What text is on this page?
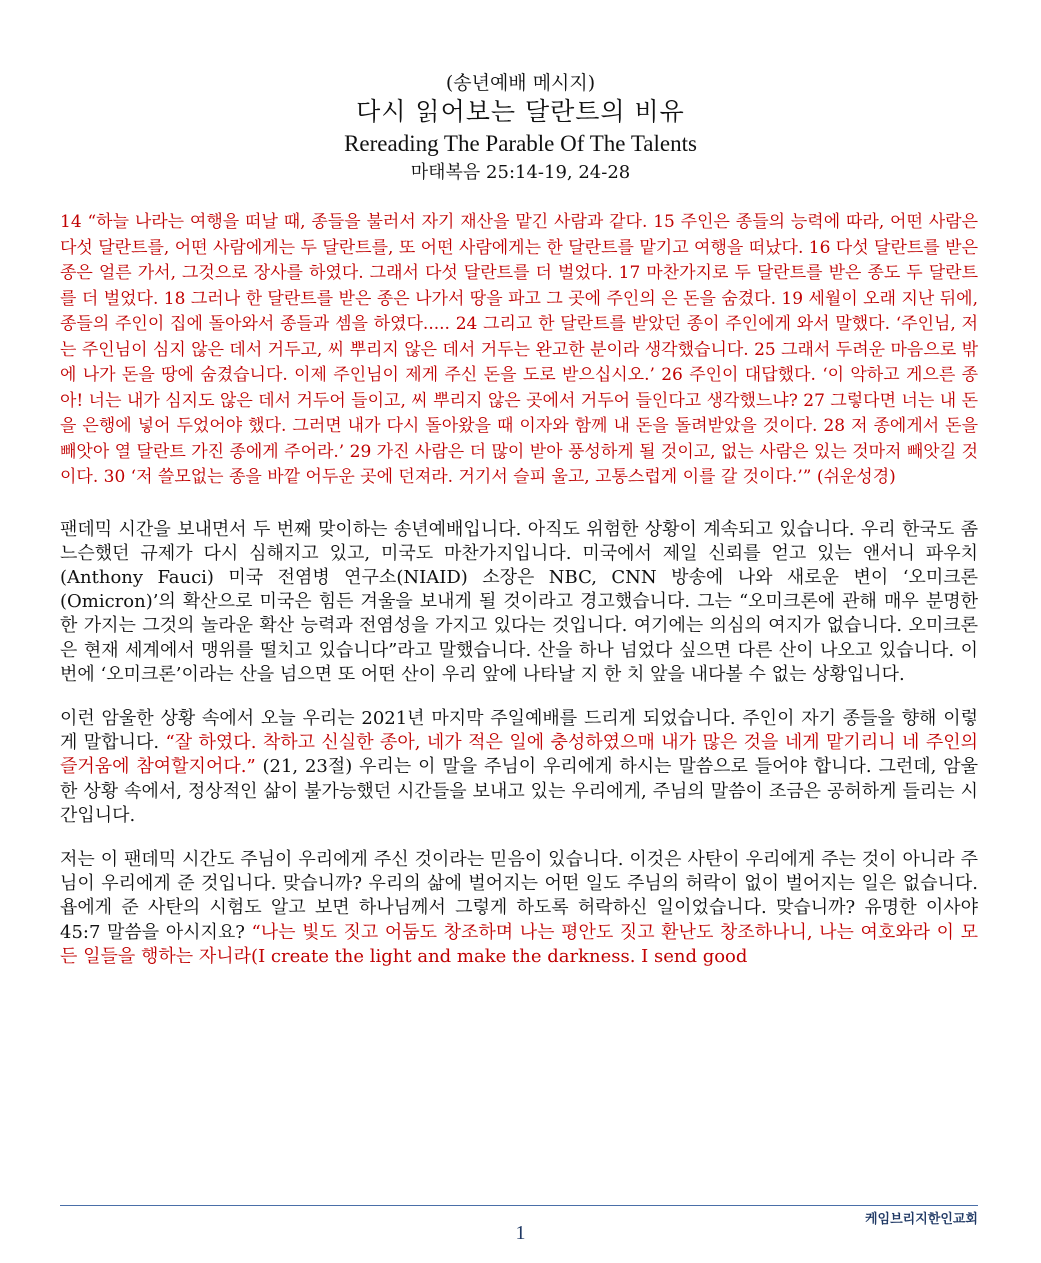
(송년예배 메시지)
다시 읽어보는 달란트의 비유
Rereading The Parable Of The Talents
마태복음 25:14-19, 24-28

14 “하늘 나라는 여행을 떠날 때, 종들을 불러서 자기 재산을 맡긴 사람과 같다. 15 주인은 종들의 능력에 따라, 어떤 사람은 다섯 달란트를, 어떤 사람에게는 두 달란트를, 또 어떤 사람에게는 한 달란트를 맡기고 여행을 떠났다. 16 다섯 달란트를 받은 종은 얼른 가서, 그것으로 장사를 하였다. 그래서 다섯 달란트를 더 벌었다. 17 마찬가지로 두 달란트를 받은 종도 두 달란트를 더 벌었다. 18 그러나 한 달란트를 받은 종은 나가서 땅을 파고 그 곳에 주인의 은 돈을 숨겼다. 19 세월이 오래 지난 뒤에, 종들의 주인이 집에 돌아와서 종들과 셈을 하였다..... 24 그리고 한 달란트를 받았던 종이 주인에게 와서 말했다. ‘주인님, 저는 주인님이 심지 않은 데서 거두고, 씨 뿌리지 않은 데서 거두는 완고한 분이라 생각했습니다. 25 그래서 두려운 마음으로 밖에 나가 돈을 땅에 숨겼습니다. 이제 주인님이 제게 주신 돈을 도로 받으십시오.’ 26 주인이 대답했다. ‘이 악하고 게으른 종아! 너는 내가 심지도 않은 데서 거두어 들이고, 씨 뿌리지 않은 곳에서 거두어 들인다고 생각했느냐? 27 그렇다면 너는 내 돈을 은행에 넣어 두었어야 했다. 그러면 내가 다시 돌아왔을 때 이자와 함께 내 돈을 돌려받았을 것이다. 28 저 종에게서 돈을 빼앗아 열 달란트 가진 종에게 주어라.’ 29 가진 사람은 더 많이 받아 풍성하게 될 것이고, 없는 사람은 있는 것마저 빼앗길 것이다. 30 ‘저 쓸모없는 종을 바깥 어두운 곳에 던져라. 거기서 슬피 울고, 고통스럽게 이를 갈 것이다.’” (쉬운성경)

팬데믹 시간을 보내면서 두 번째 맞이하는 송년예배입니다. 아직도 위험한 상황이 계속되고 있습니다. 우리 한국도 좀 느슨했던 규제가 다시 심해지고 있고, 미국도 마찬가지입니다. 미국에서 제일 신뢰를 얻고 있는 앤서니 파우치(Anthony Fauci) 미국 전염병 연구소(NIAID) 소장은 NBC, CNN 방송에 나와 새로운 변이 ‘오미크론(Omicron)’의 확산으로 미국은 힘든 겨울을 보내게 될 것이라고 경고했습니다. 그는 “오미크론에 관해 매우 분명한 한 가지는 그것의 놀라운 확산 능력과 전염성을 가지고 있다는 것입니다. 여기에는 의심의 여지가 없습니다. 오미크론은 현재 세계에서 맹위를 떨치고 있습니다”라고 말했습니다. 산을 하나 넘었다 싶으면 다른 산이 나오고 있습니다. 이번에 ‘오미크론’이라는 산을 넘으면 또 어떤 산이 우리 앞에 나타날 지 한 치 앞을 내다볼 수 없는 상황입니다.

이런 암울한 상황 속에서 오늘 우리는 2021년 마지막 주일예배를 드리게 되었습니다. 주인이 자기 종들을 향해 이렇게 말합니다. “잘 하였다. 착하고 신실한 종아, 네가 적은 일에 충성하였으매 내가 많은 것을 네게 맡기리니 네 주인의 즐거움에 참여할지어다.” (21, 23절) 우리는 이 말을 주님이 우리에게 하시는 말씀으로 들어야 합니다. 그런데, 암울한 상황 속에서, 정상적인 삶이 불가능했던 시간들을 보내고 있는 우리에게, 주님의 말씀이 조금은 공허하게 들리는 시간입니다.

저는 이 팬데믹 시간도 주님이 우리에게 주신 것이라는 믿음이 있습니다. 이것은 사탄이 우리에게 주는 것이 아니라 주님이 우리에게 준 것입니다. 맞습니까? 우리의 삶에 벌어지는 어떤 일도 주님의 허락이 없이 벌어지는 일은 없습니다. 욥에게 준 사탄의 시험도 알고 보면 하나님께서 그렇게 하도록 허락하신 일이었습니다. 맞습니까? 유명한 이사야 45:7 말씀을 아시지요? “나는 빛도 짓고 어둠도 창조하며 나는 평안도 짓고 환난도 창조하나니, 나는 여호와라 이 모든 일들을 행하는 자니라(I create the light and make the darkness. I send good

케임브리지한인교회
1
